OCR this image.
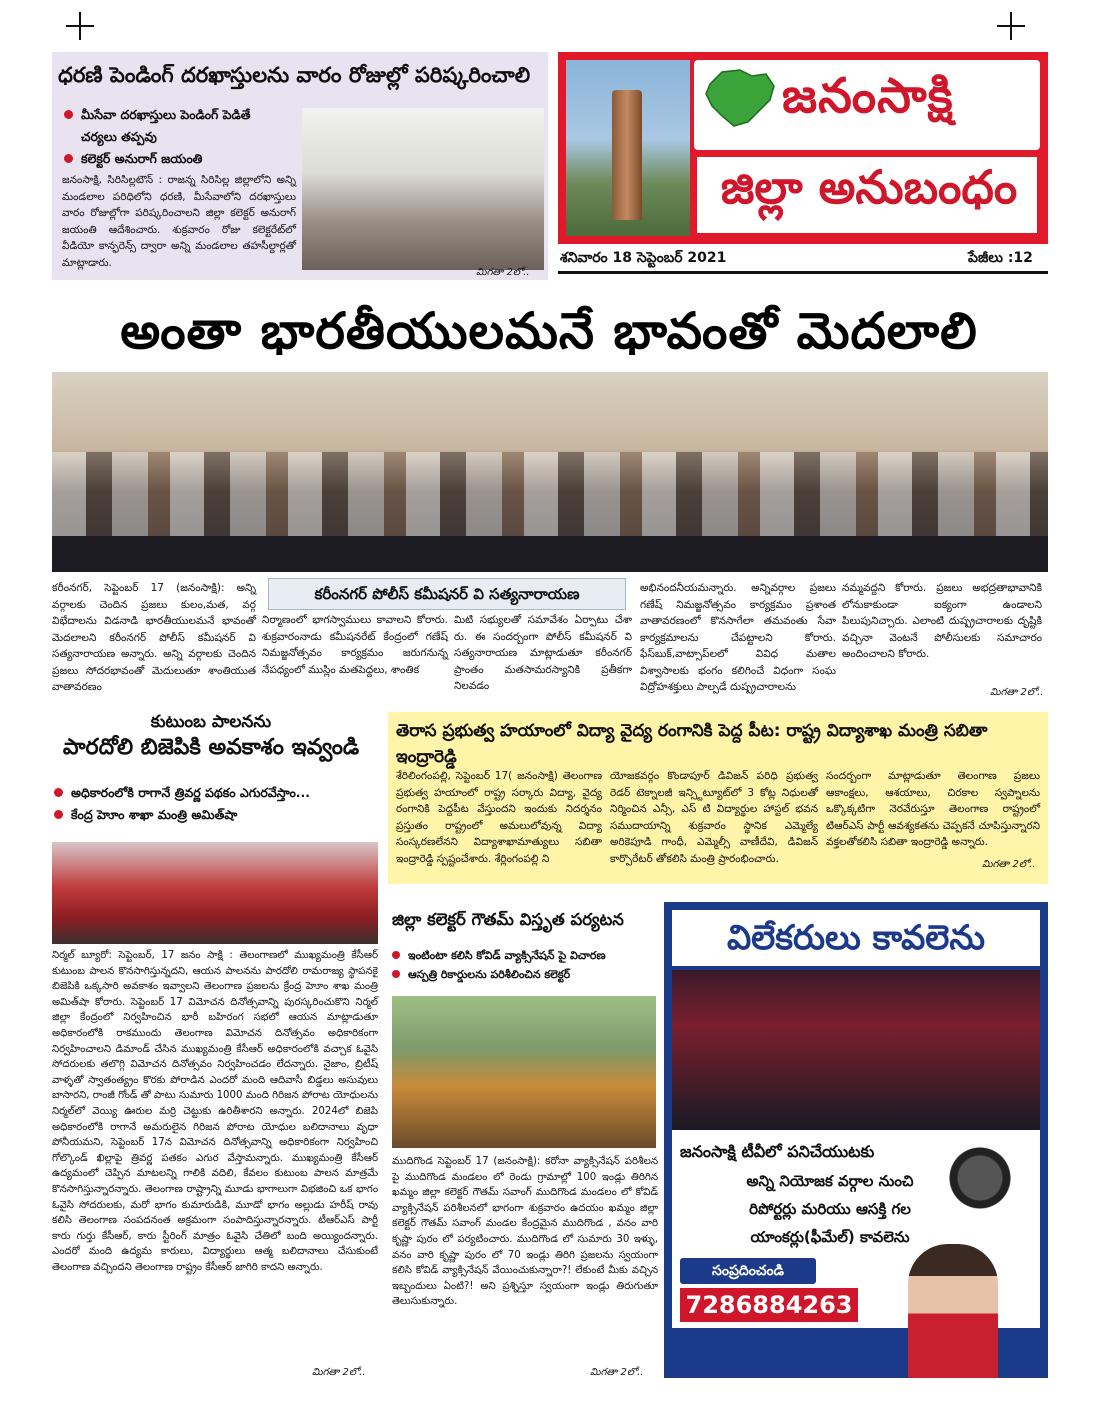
ధరణి పెండింగ్‌ దరఖాస్తులను వారం రోజుల్లో పరిష్కరించాలి
మీసేవా దరఖాస్తులు పెండింగ్‌ పెడితే చర్యలు తప్పవు
కలెక్టర్‌ అనురాగ్‌ జయంతి
జనంసాక్షి, సిరిసిల్లటౌన్‌ : రాజన్న సిరిసిల్ల జిల్లాలోని అన్ని మండలాల పరిధిలోని ధరణి, మీసేవాలోని దరఖాస్తులు వారం రోజుల్లోగా పరిష్కరించాలని జిల్లా కలెక్టర్‌ అనురాగ్‌ జయంతి ఆదేశించారు. శుక్రవారం రోజు కలెక్టరేట్‌లో వీడియో కాన్ఫరెన్స్‌ ద్వారా అన్ని మండలాల తహసీల్దార్లతో మాట్లాడారు.
మిగతా 2లో..
జనంసాక్షి
జిల్లా అనుబంధం
శనివారం 18 సెప్టెంబర్‌ 2021	పేజీలు :12
అంతా భారతీయులమనే భావంతో మెదలాలి
కరీంనగర్‌, సెప్టెంబర్‌ 17 (జనంసాక్షి): అన్ని వర్గాలకు చెందిన ప్రజలు కులం,మత, వర్గ విభేదాలను విడనాడి భారతీయులమనే భావంతో మెదలాలని కరీంనగర్‌ పోలీస్‌ కమీషనర్‌ వి సత్యనారాయణ అన్నారు. అన్ని వర్గాలకు చెందిన ప్రజలు సోదరభావంతో మెదులుతూ శాంతియుత వాతావరణం
కరీంనగర్‌ పోలీస్‌ కమీషనర్‌ వి సత్యనారాయణ
నిర్మాణంలో భాగస్వాములు కావాలని కోరారు. శుక్రవారంనాడు కమీషనరేట్‌ కేంద్రంలో గణేష్‌ నిమజ్జనోత్సవం కార్యక్రమం జరుగనున్న నేపధ్యంలో ముస్లిం మతపెద్దలు, శాంతిక
మిటి సభ్యులతో సమావేశం ఏర్పాటు చేశా రు. ఈ సందర్బంగా పోలీస్‌ కమీషనర్‌ వి సత్యనారాయణ మాట్లాడుతూ కరీంనగర్‌ ప్రాంతం మతసామరస్యానికి ప్రతీకగా నిలవడం
అభినందనీయమన్నారు. అన్నివర్గాల ప్రజలు గణేష్‌ నిమజ్జనోత్సవం కార్యక్రమం ప్రశాంత వాతావరణంలో కొనసాగేలా తమవంతు సేవా కార్యక్రమాలను చేపట్టాలని కోరారు. ఫేస్‌బుక్‌,వాట్సాప్‌లలో వివిధ మతాల విశ్వాసాలకు భంగం కలిగించే విధంగా సంఘ విద్రోహశక్తులు పాల్పడే దుష్ప్రచారాలను
నమ్మవద్దని కోరారు. ప్రజలు అభద్రతాభావానికి లోనుకాకుండా ఐక్యంగా ఉండాలని పిలుపునిచ్చారు. ఎలాంటి దుష్ప్రచారాలకు దృష్టికి వచ్చినా వెంటనే పోలీసులకు సమాచారం అందించాలని కోరారు.
మిగతా 2లో..
కుటుంబ పాలనను
పారదోలి బిజెపికి అవకాశం ఇవ్వండి
అధికారంలోకి రాగానే త్రివర్ణ పథకం ఎగురవేస్తాం...
కేంద్ర హెూం శాఖా మంత్రి అమిత్‌షా
నిర్మల్‌ బ్యూరో: సెప్టెంబర్‌, 17 జనం సాక్షి : తెలంగాణలో ముఖ్యమంత్రి కేసీఆర్‌ కుటుంబ పాలన కొనసాగిస్తున్నదని, ఆయన పాలనను పారదోలి రామరాజ్య స్థాపనకై బిజెపికి ఒక్కసారి అవకాశం ఇవ్వాలని తెలంగాణ ప్రజలను క్రేంద్ర హెూం శాఖ మంత్రి అమిత్‌షా కోరారు. సెప్టెంబర్‌ 17 విమోచన దినోత్సవాన్ని పురస్కరించుకొని నిర్మల్‌ జిల్లా కేంద్రంలో నిర్వహించిన భారీ బహిరంగ సభలో ఆయన మాట్లాడుతూ అధికారంలోకి రాకముందు తెలంగాణ విమోచన దినోత్సవం అధికారికంగా నిర్వహించాలని డిమాండ్‌ చేసిన ముఖ్యమంత్రి కేసీఆర్‌ అధికారంలోకి వచ్చాక ఓవైసి సోదరులకు తలొగ్గి విమోచన దినోత్సవం నిర్వహించడం లేదన్నారు. నైజాం, బ్రిటీష్‌ వాళ్ళతో స్వాతంత్య్రం కొరకు పోరాడిన ఎందరో మంది ఆదివాసీ బిడ్డలు అసువులు బాసారని, రాంజీ గోండ్‌ తో పాటు సుమారు 1000 మంది గిరిజన పోరాట యోధులను నిర్మల్‌లో వెయ్యి ఊరుల మర్రి చెట్టుకు ఉరితీశారని అన్నారు. 2024లో బిజెపి అధికారంలోకి రాగానే అమరులైన గిరిజన పోరాట యోధుల బలిదానాలు వృధా పోనీయమని, సెప్టెంబర్‌ 17న విమోచన దినోత్సవాన్ని అధికారికంగా నిర్వహించి గోల్కొండ్‌ ఖిల్లాపై త్రివర్ణ పతకం ఎగుర వేస్తామన్నారు. ముఖ్యమంత్రి కేసీఆర్‌ ఉద్యమంలో చెప్పిన మాటలన్ని గాలికి వదిలి, కేవలం కుటుంబ పాలన మాత్రమే కొనసాగిస్తున్నారన్నారు. తెలంగాణ రాష్ట్రాన్ని మూడు భాగాలుగా విభజించి ఒక భాగం ఓవైసి సోదరులకు, మరో భాగం కుమారుడికి, మూడో భాగం అల్లుడు హరీష్‌ రావు కలిసి తెలంగాణ సంపదనంత అక్రమంగా సంపాదిస్తున్నారన్నారు. టీఆర్‌ఎస్‌ పార్టీ కారు గుర్తు కేసీఆర్‌, కారు స్టీరింగ్‌ మాత్రం ఓవైసి చేతిలో బంది అయ్యిందన్నారు. ఎందరో మంది ఉద్యమ కారులు, విద్యార్థులు ఆత్మ బలిదానాలు చేసుకుంటే తెలంగాణ వచ్చిందని తెలంగాణ రాష్ట్రం కేసీఆర్‌ జాగిరి కాదని అన్నారు.
మిగతా 2లో..
తెరాస ప్రభుత్వ హయాంలో విద్యా వైద్య రంగానికి పెద్ద పీట: రాష్ట్ర విద్యాశాఖ మంత్రి సబితా ఇంద్రారెడ్డి
శేరిలింగంపల్లి, సెప్టెంబర్‌ 17( జనంసాక్షి) తెలంగాణ ప్రభుత్వ హయాంలో రాష్ట్ర సర్కారు విద్యా, వైద్య రంగానికి పెద్దపీట వేస్తుందని ఇందుకు నిదర్శనం ప్రస్తుతం రాష్ట్రంలో అమలులోవున్న విద్యా సంస్కరణలేనని విద్యాశాఖామాత్యులు సబితా ఇంద్రారెడ్డి స్పష్టంచేశారు. శేర్లింగంపల్లి ని
యోజకవర్గం కొండాపూర్‌ డివిజన్‌ పరిధి ప్రభుత్వ రెడర్‌ టెక్నాలజీ ఇన్స్టిట్యూట్‌లో 3 కోట్ల నిధులతో నిర్మించిన ఎన్సీ, ఎస్‌ టి విద్యార్థుల హాస్టల్‌ భవన సముదాయాన్ని శుక్రవారం స్థానిక ఎమ్మెల్యే అరికెపూడి గాంధీ, ఎమ్మెల్సీ వాణీదేవి, డివిజన్‌ కార్పొరేటర్‌ తోకలిసి మంత్రి ప్రారంభించారు.
సందర్బంగా మాట్లాడుతూ తెలంగాణ ప్రజలు ఆకాంక్షలు, ఆశయాలు, చిరకాల స్వప్నాలను ఒక్కొక్కటిగా నెరవేరుస్తూ తెలంగాణ రాష్ట్రంలో టిఆర్‌ఎస్‌ పార్టీ ఆవశ్యకతను చెప్పకనే చూపిస్తున్నారని వక్తలతోకలిసి సబితా ఇంద్రారెడ్డి అన్నారు.
మిగతా 2లో..
జిల్లా కలెక్టర్‌ గౌతమ్‌ విస్తృత పర్యటన
ఇంటింటా కలిసి కోవిడ్‌ వ్యాక్సినేషన్‌ పై విచారణ
ఆస్పత్రి రికార్డులను పరిశీలించిన కలెక్టర్‌
ముదిగొండ సెప్టెంబర్‌ 17 (జనంసాక్షి): కరోనా వ్యాక్సినేషన్‌ పరిశీలన పై ముదిగొండ మండలం లో రెండు గ్రామాల్లో 100 ఇండ్లు తిరిగిన ఖమ్మం జిల్లా కలెక్టర్‌ గౌతమ్‌ సవాంగ్‌ ముదిగొండ మండలం లో కోవిడ్‌ వ్యాక్సినేషన్‌ పరిశీలనలో భాగంగా శుక్రవారం ఉదయం ఖమ్మం జిల్లా కలెక్టర్‌ గౌతమ్‌ సవాంగ్‌ మండల కేంద్రమైన ముదిగొండ , వనం వారి కృష్ణా పురం లో పర్యటించారు. ముదిగొండ లో సుమారు 30 ఇళ్ళు, వనం వారి కృష్ణా పురం లో 70 ఇండ్లు తిరిగి ప్రజలను స్వయంగా కలిసి కోవిడ్‌ వ్యాక్సినేషన్‌ వేయించుకున్నారా?! లేకుంటే మీకు వచ్చిన ఇబ్బందులు ఏంటి?! అని ప్రశ్నిస్తూ స్వయంగా ఇండ్లు తిరుగుతూ తెలుసుకున్నారు.
మిగతా 2లో..
విలేకరులు కావలెను
జనంసాక్షి టీవీలో పనిచేయుటకు
అన్ని నియోజక వర్గాల నుంచి
రిపోర్టర్లు మరియు ఆసక్తి గల
యాంకర్లు(ఫీమేల్‌) కావలెను
సంప్రదించండి
7286884263
